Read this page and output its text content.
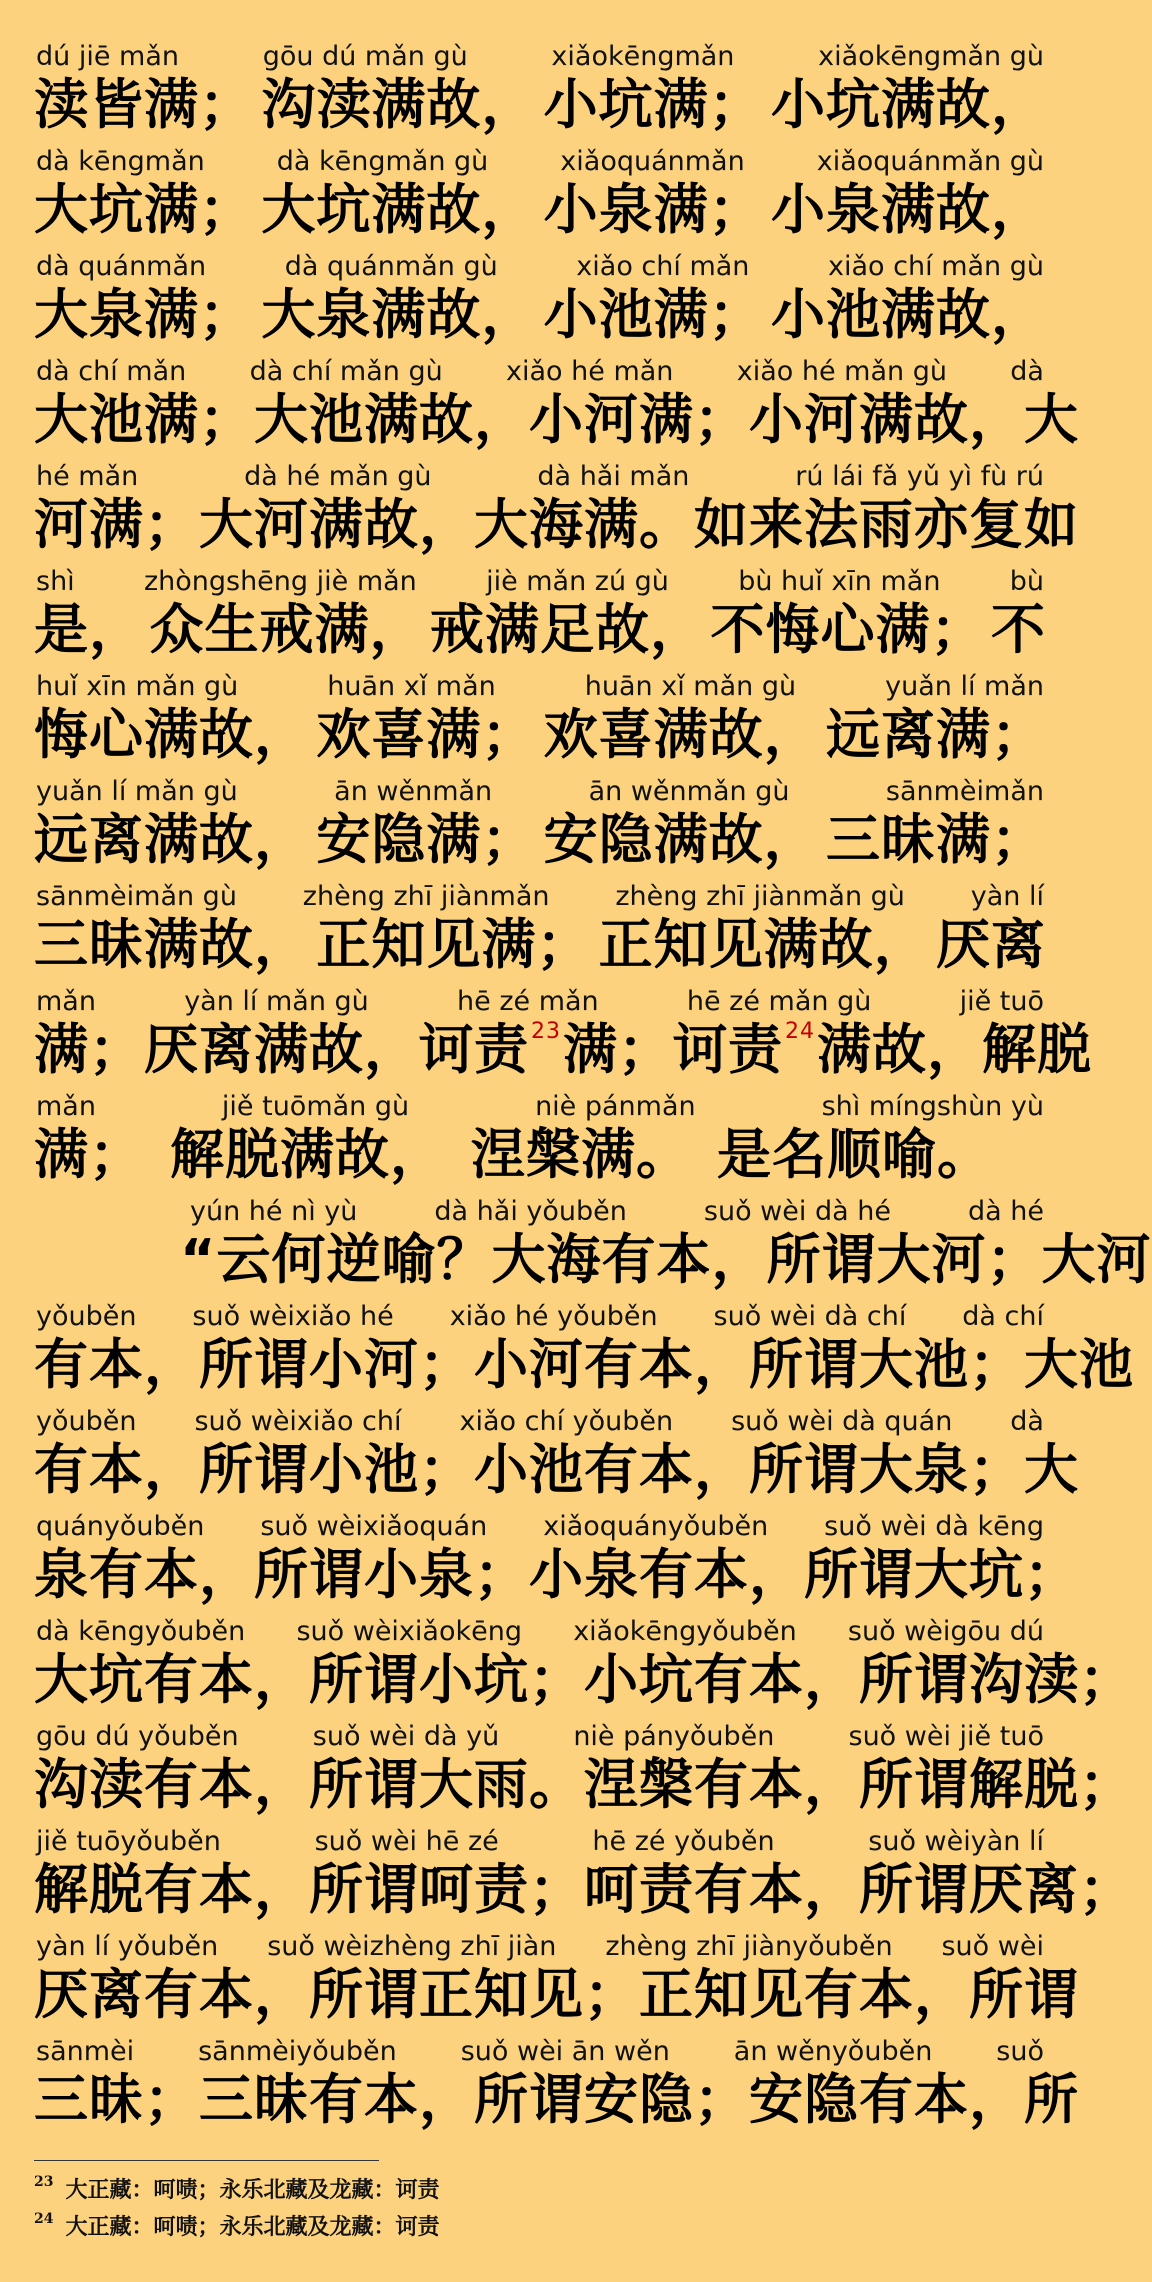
dú jiē mǎn	gōu dú mǎn gù	xiǎokēngmǎn	xiǎokēngmǎn gù
渎皆满； 沟渎满故， 小坑满； 小坑满故，
dà kēngmǎn	dà kēngmǎn gù	xiǎoquánmǎn	xiǎoquánmǎn gù
大坑满； 大坑满故， 小泉满； 小泉满故，
dà quánmǎn	dà quánmǎn gù	xiǎo chí mǎn	xiǎo chí mǎn gù
大泉满； 大泉满故， 小池满； 小池满故，
dà chí mǎn dà chí mǎn gù xiǎo hé mǎn xiǎo hé mǎn gù dà
大池满； 大池满故， 小河满； 小河满故， 大
hé mǎn	dà hé mǎn gù	dà hǎi mǎn	rú lái fǎ yǔ yì fù rú
河满； 大河满故， 大海满。 如来法雨亦复如
shì	zhòngshēng jiè mǎn	jiè mǎn zú gù	bù huǐ xīn mǎn	bù
是， 众生戒满， 戒满足故， 不悔心满； 不
huǐ xīn mǎn gù	huān xǐ mǎn	huān xǐ mǎn gù	yuǎn lí mǎn
悔心满故， 欢喜满； 欢喜满故， 远离满；
yuǎn lí mǎn gù	ān wěnmǎn	ān wěnmǎn gù	sānmèimǎn
远离满故， 安隐满； 安隐满故， 三昧满；
sānmèimǎn gù zhèng zhī jiànmǎn zhèng zhī jiànmǎn gù yàn lí
三昧满故， 正知见满； 正知见满故， 厌离
mǎn	yàn lí mǎn gù	hē zé mǎn	hē zé mǎn gù	jiě tuō
满； 厌离满故， 诃责$^{23}$ 满；诃责$^{24}$ 满故，解脱
mǎn	jiě tuōmǎn gù	niè pánmǎn	shì míngshùn yù
满； 解脱满故， 涅槃满。 是名顺喻。
yún hé nì yù	dà hǎi yǒuběn	suǒ wèi dà hé	dà hé
“云何逆喻？ 大海有本， 所谓大河； 大河
yǒuběn suǒ wèixiǎo hé xiǎo hé yǒuběn suǒ wèi dà chí dà chí
有本， 所谓小河； 小河有本， 所谓大池； 大池
yǒuběn suǒ wèixiǎo chí xiǎo chí yǒuběn suǒ wèi dà quán dà
有本， 所谓小池； 小池有本， 所谓大泉； 大
quányǒuběn suǒ wèixiǎoquán xiǎoquányǒuběn suǒ wèi dà kēng
泉有本， 所谓小泉； 小泉有本， 所谓大坑；
dà kēngyǒuběn suǒ wèixiǎokēng xiǎokēngyǒuběn suǒ wèigōu dú
大坑有本， 所谓小坑； 小坑有本， 所谓沟渎；
gōu dú yǒuběn	suǒ wèi dà yǔ	niè pányǒuběn	suǒ wèi jiě tuō
沟渎有本， 所谓大雨。 涅槃有本， 所谓解脱；
jiě tuōyǒuběn	suǒ wèi hē zé	hē zé yǒuběn	suǒ wèiyàn lí
解脱有本， 所谓呵责； 呵责有本， 所谓厌离；
yàn lí yǒuběn suǒ wèizhèng zhī jiàn zhèng zhī jiànyǒuběn suǒ wèi
厌离有本， 所谓正知见； 正知见有本， 所谓
sānmèi sānmèiyǒuběn suǒ wèi ān wěn ān wěnyǒuběn suǒ
三昧； 三昧有本， 所谓安隐； 安隐有本， 所
$^{23}$ 大正藏：呵啧；永乐北藏及龙藏：诃责
$^{24}$ 大正藏：呵啧；永乐北藏及龙藏：诃责
